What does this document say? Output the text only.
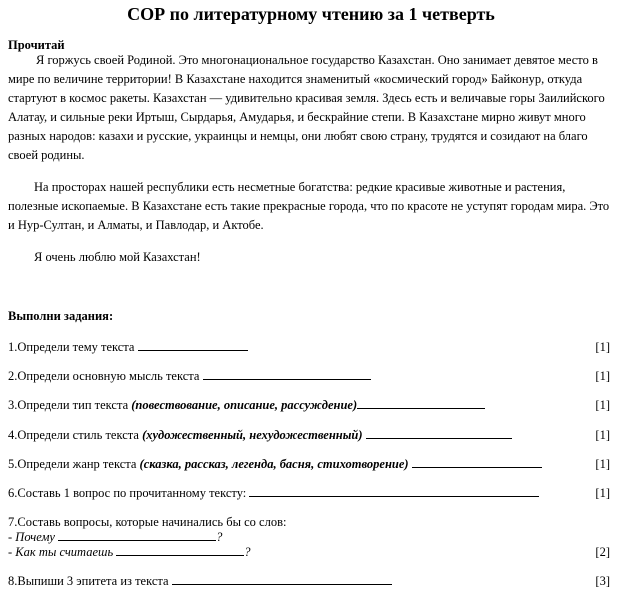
СОР по литературному чтению за 1 четверть
Прочитай

Я горжусь своей Родиной. Это многонациональное государство Казахстан. Оно занимает девятое место в мире по величине территории! В Казахстане находится знаменитый «космический город» Байконур, откуда стартуют в космос ракеты. Казахстан — удивительно красивая земля. Здесь есть и величавые горы Заилийского Алатау, и сильные реки Иртыш, Сырдарья, Амударья, и бескрайние степи. В Казахстане мирно живут много разных народов: казахи и русские, украинцы и немцы, они любят свою страну, трудятся и созидают на благо своей родины.

На просторах нашей республики есть несметные богатства: редкие красивые животные и растения, полезные ископаемые. В Казахстане есть такие прекрасные города, что по красоте не уступят городам мира. Это и Нур-Султан, и Алматы, и Павлодар, и Актобе.

Я очень люблю мой Казахстан!

Выполни задания:
1.Определи тему текста	[1]
2.Определи основную мысль текста	[1]
3.Определи тип текста (повествование, описание, рассуждение)	[1]
4.Определи стиль текста (художественный, нехудожественный)	[1]
5.Определи жанр текста (сказка, рассказ, легенда, басня, стихотворение)	[1]
6.Составь 1 вопрос по прочитанному тексту:	[1]
7.Составь вопросы, которые начинались бы со слов:
- Почему	?
- Как ты считаешь	?	[2]
8.Выпиши 3 эпитета из текста	[3]
